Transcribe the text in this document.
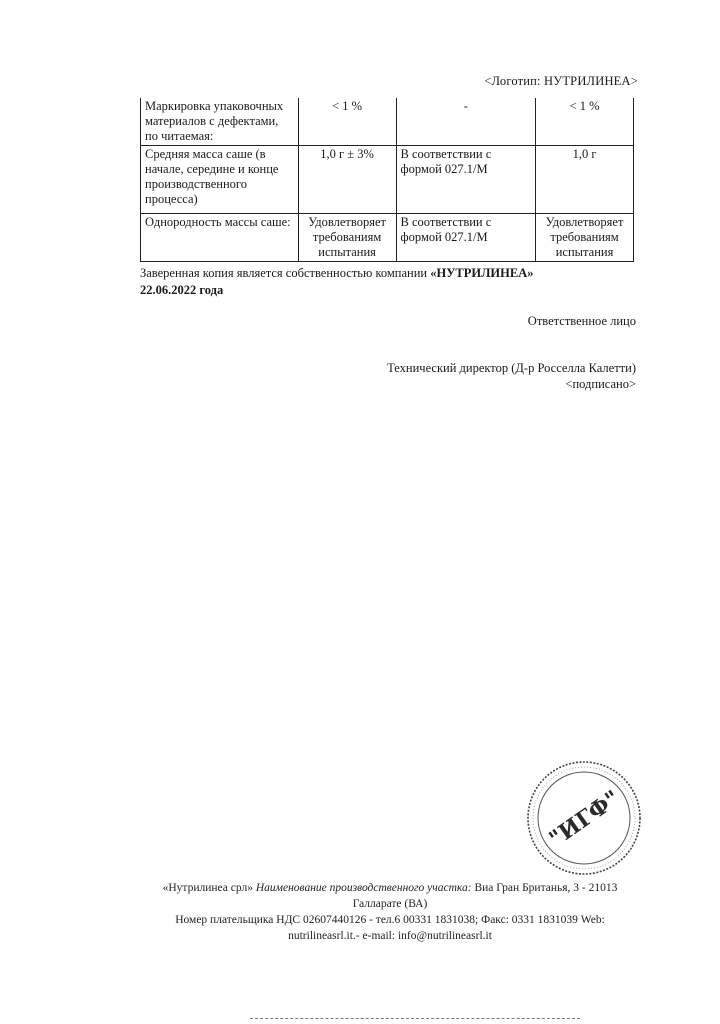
<Логотип: НУТРИЛИНЕА>
Маркировка упаковочных материалов с дефектами, по читаемая:	< 1 %	-	< 1 %
Средняя масса саше (в начале, середине и конце производственного процесса)	1,0 г ± 3%	В соответствии с формой 027.1/М	1,0 г
Однородность массы саше:	Удовлетворяет требованиям испытания	В соответствии с формой 027.1/М	Удовлетворяет требованиям испытания
Заверенная копия является собственностью компании «НУТРИЛИНЕА»
22.06.2022 года
Ответственное лицо
Технический директор (Д-р Росселла Калетти)
<подписано>
"ИГФ"
«Нутрилинеа срл» Наименование производственного участка: Виа Гран Британья, 3 - 21013
Галларате (ВА)
Номер плательщика НДС 02607440126 - тел.6 00331 1831038; Факс: 0331 1831039 Web:
nutrilineasrl.it.- e-mail: info@nutrilineasrl.it
